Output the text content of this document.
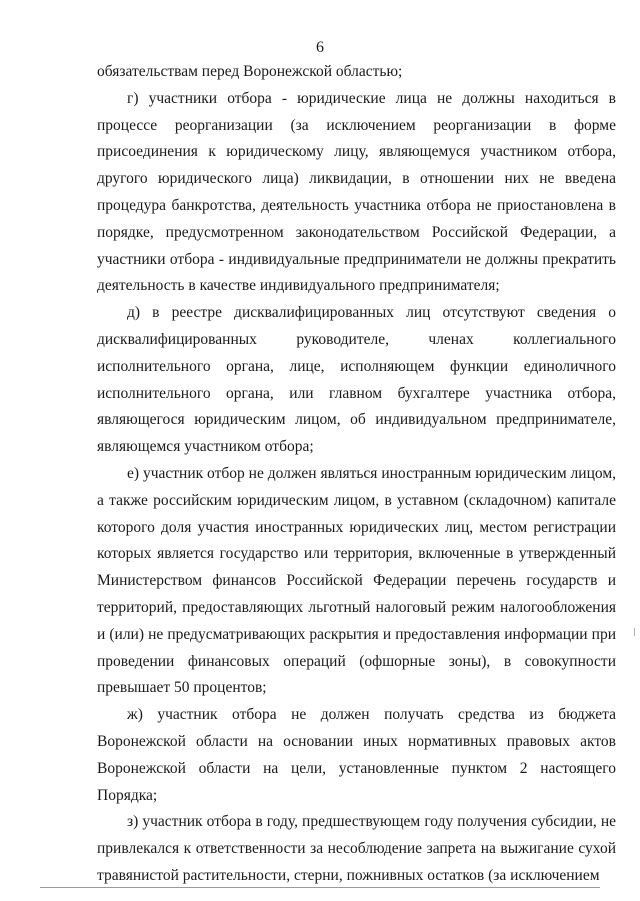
6

обязательствам перед Воронежской областью;

г) участники отбора - юридические лица не должны находиться в процессе реорганизации (за исключением реорганизации в форме присоединения к юридическому лицу, являющемуся участником отбора, другого юридического лица) ликвидации, в отношении них не введена процедура банкротства, деятельность участника отбора не приостановлена в порядке, предусмотренном законодательством Российской Федерации, а участники отбора - индивидуальные предприниматели не должны прекратить деятельность в качестве индивидуального предпринимателя;

д) в реестре дисквалифицированных лиц отсутствуют сведения о дисквалифицированных руководителе, членах коллегиального исполнительного органа, лице, исполняющем функции единоличного исполнительного органа, или главном бухгалтере участника отбора, являющегося юридическим лицом, об индивидуальном предпринимателе, являющемся участником отбора;

е) участник отбор не должен являться иностранным юридическим лицом, а также российским юридическим лицом, в уставном (складочном) капитале которого доля участия иностранных юридических лиц, местом регистрации которых является государство или территория, включенные в утвержденный Министерством финансов Российской Федерации перечень государств и территорий, предоставляющих льготный налоговый режим налогообложения и (или) не предусматривающих раскрытия и предоставления информации при проведении финансовых операций (офшорные зоны), в совокупности превышает 50 процентов;

ж) участник отбора не должен получать средства из бюджета Воронежской области на основании иных нормативных правовых актов Воронежской области на цели, установленные пунктом 2 настоящего Порядка;

з) участник отбора в году, предшествующем году получения субсидии, не привлекался к ответственности за несоблюдение запрета на выжигание сухой травянистой растительности, стерни, пожнивных остатков (за исключением
